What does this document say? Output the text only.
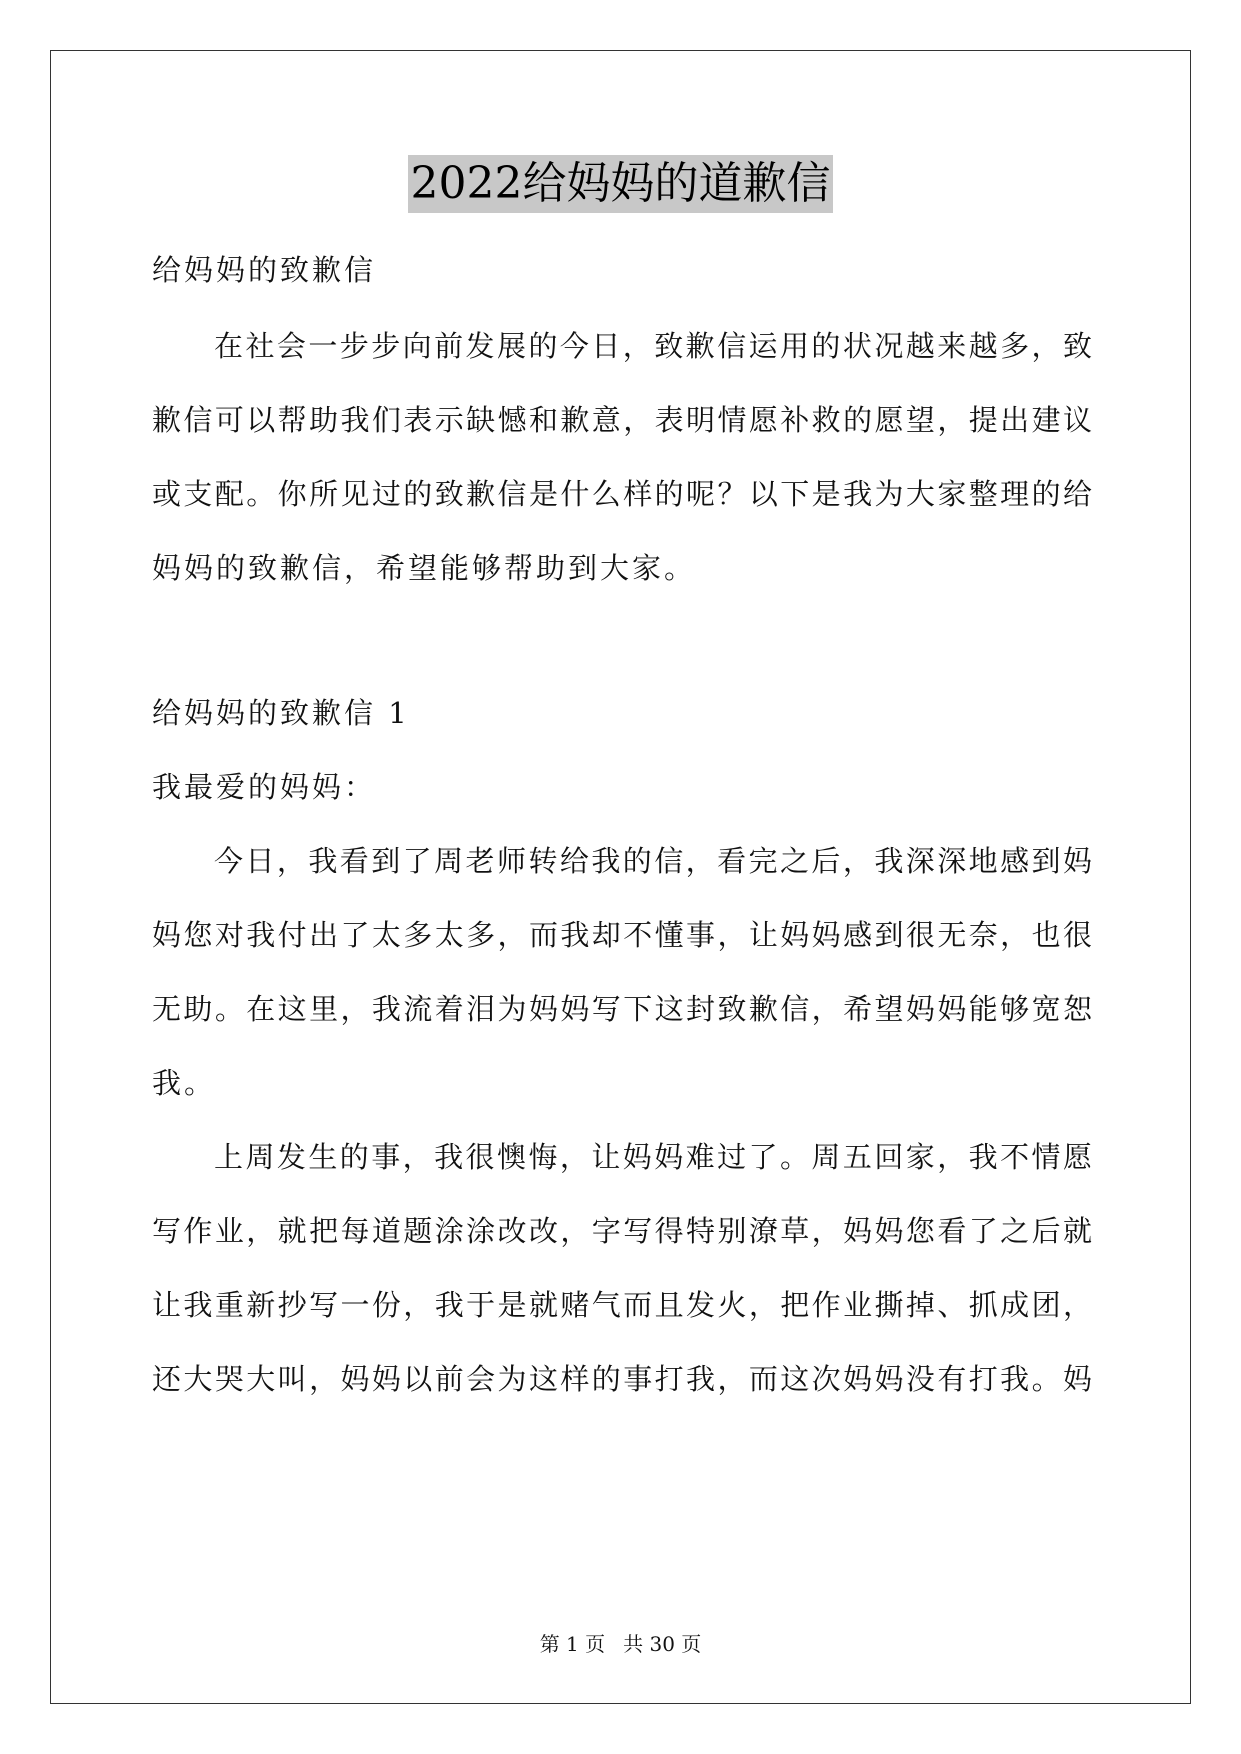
2022给妈妈的道歉信
给妈妈的致歉信
在社会一步步向前发展的今日，致歉信运用的状况越来越多，致
歉信可以帮助我们表示缺憾和歉意，表明情愿补救的愿望，提出建议
或支配。你所见过的致歉信是什么样的呢？以下是我为大家整理的给
妈妈的致歉信，希望能够帮助到大家。
给妈妈的致歉信 1
我最爱的妈妈：
今日，我看到了周老师转给我的信，看完之后，我深深地感到妈
妈您对我付出了太多太多，而我却不懂事，让妈妈感到很无奈，也很
无助。在这里，我流着泪为妈妈写下这封致歉信，希望妈妈能够宽恕
我。
上周发生的事，我很懊悔，让妈妈难过了。周五回家，我不情愿
写作业，就把每道题涂涂改改，字写得特别潦草，妈妈您看了之后就
让我重新抄写一份，我于是就赌气而且发火，把作业撕掉、抓成团，
还大哭大叫，妈妈以前会为这样的事打我，而这次妈妈没有打我。妈
第 1 页 共 30 页
